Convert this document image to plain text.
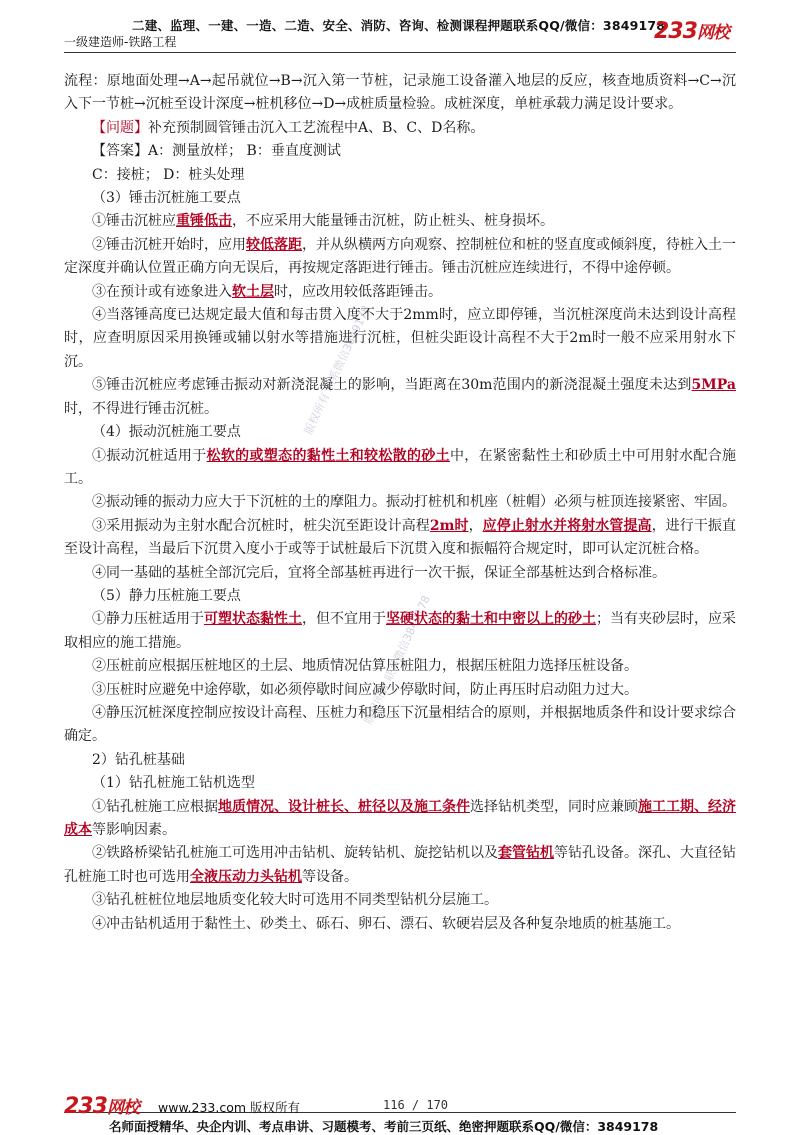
二建、监理、一建、一造、二造、安全、消防、咨询、检测课程押题联系QQ/微信：3849178
一级建造师-铁路工程	233网校
版权所有 联系微信3849178
版权所有 联系微信3849178

流程：原地面处理→A→起吊就位→B→沉入第一节桩，记录施工设备灌入地层的反应，核查地质资料→C→沉入下一节桩→沉桩至设计深度→桩机移位→D→成桩质量检验。成桩深度，单桩承载力满足设计要求。

【问题】补充预制圆管锤击沉入工艺流程中A、B、C、D名称。

【答案】A：测量放样； B：垂直度测试

C：接桩； D：桩头处理

（3）锤击沉桩施工要点

①锤击沉桩应重锤低击，不应采用大能量锤击沉桩，防止桩头、桩身损坏。

②锤击沉桩开始时，应用较低落距，并从纵横两方向观察、控制桩位和桩的竖直度或倾斜度，待桩入土一定深度并确认位置正确方向无误后，再按规定落距进行锤击。锤击沉桩应连续进行，不得中途停顿。

③在预计或有迹象进入软土层时，应改用较低落距锤击。

④当落锤高度已达规定最大值和每击贯入度不大于2mm时，应立即停锤，当沉桩深度尚未达到设计高程时，应查明原因采用换锤或辅以射水等措施进行沉桩，但桩尖距设计高程不大于2m时一般不应采用射水下沉。

⑤锤击沉桩应考虑锤击振动对新浇混凝土的影响，当距离在30m范围内的新浇混凝土强度未达到5MPa时，不得进行锤击沉桩。

（4）振动沉桩施工要点

①振动沉桩适用于松软的或塑态的黏性土和较松散的砂土中，在紧密黏性土和砂质土中可用射水配合施工。

②振动锤的振动力应大于下沉桩的土的摩阻力。振动打桩机和机座（桩帽）必须与桩顶连接紧密、牢固。

③采用振动为主射水配合沉桩时，桩尖沉至距设计高程2m时，应停止射水并将射水管提高，进行干振直至设计高程，当最后下沉贯入度小于或等于试桩最后下沉贯入度和振幅符合规定时，即可认定沉桩合格。

④同一基础的基桩全部沉完后，宜将全部基桩再进行一次干振，保证全部基桩达到合格标准。

（5）静力压桩施工要点

①静力压桩适用于可塑状态黏性土，但不宜用于坚硬状态的黏土和中密以上的砂土；当有夹砂层时，应采取相应的施工措施。

②压桩前应根据压桩地区的土层、地质情况估算压桩阻力，根据压桩阻力选择压桩设备。

③压桩时应避免中途停歇，如必须停歇时间应减少停歇时间，防止再压时启动阻力过大。

④静压沉桩深度控制应按设计高程、压桩力和稳压下沉量相结合的原则，并根据地质条件和设计要求综合确定。

2）钻孔桩基础

（1）钻孔桩施工钻机选型

①钻孔桩施工应根据地质情况、设计桩长、桩径以及施工条件选择钻机类型，同时应兼顾施工工期、经济成本等影响因素。

②铁路桥梁钻孔桩施工可选用冲击钻机、旋转钻机、旋挖钻机以及套管钻机等钻孔设备。深孔、大直径钻孔桩施工时也可选用全液压动力头钻机等设备。

③钻孔桩桩位地层地质变化较大时可选用不同类型钻机分层施工。

④冲击钻机适用于黏性土、砂类土、砾石、卵石、漂石、软硬岩层及各种复杂地质的桩基施工。

233网校 www.233.com 版权所有	116 / 170
名师面授精华、央企内训、考点串讲、习题模考、考前三页纸、绝密押题联系QQ/微信：3849178
